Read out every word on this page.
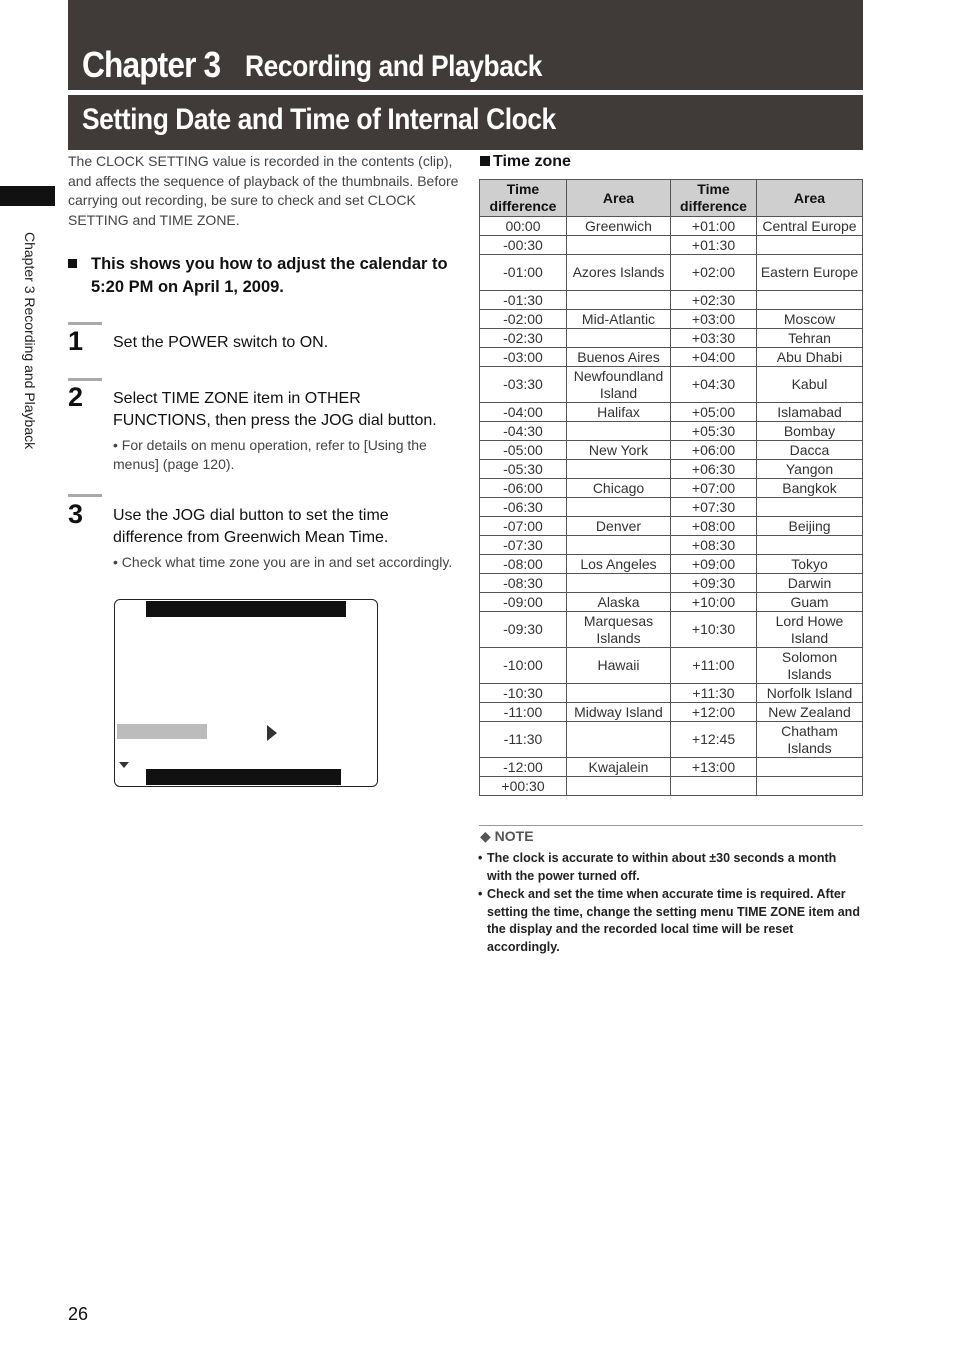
Chapter 3 Recording and Playback
Setting Date and Time of Internal Clock
Chapter 3 Recording and Playback
The CLOCK SETTING value is recorded in the contents (clip), and affects the sequence of playback of the thumbnails. Before carrying out recording, be sure to check and set CLOCK SETTING and TIME ZONE.
This shows you how to adjust the calendar to 5:20 PM on April 1, 2009.
1 Set the POWER switch to ON.
2 Select TIME ZONE item in OTHER FUNCTIONS, then press the JOG dial button.
• For details on menu operation, refer to [Using the menus] (page 120).
3 Use the JOG dial button to set the time difference from Greenwich Mean Time.
• Check what time zone you are in and set accordingly.
Time zone
Time difference	Area	Time difference	Area
00:00	Greenwich	+01:00	Central Europe
-00:30		+01:30	
-01:00	Azores Islands	+02:00	Eastern Europe
-01:30		+02:30	
-02:00	Mid-Atlantic	+03:00	Moscow
-02:30		+03:30	Tehran
-03:00	Buenos Aires	+04:00	Abu Dhabi
-03:30	Newfoundland Island	+04:30	Kabul
-04:00	Halifax	+05:00	Islamabad
-04:30		+05:30	Bombay
-05:00	New York	+06:00	Dacca
-05:30		+06:30	Yangon
-06:00	Chicago	+07:00	Bangkok
-06:30		+07:30	
-07:00	Denver	+08:00	Beijing
-07:30		+08:30	
-08:00	Los Angeles	+09:00	Tokyo
-08:30		+09:30	Darwin
-09:00	Alaska	+10:00	Guam
-09:30	Marquesas Islands	+10:30	Lord Howe Island
-10:00	Hawaii	+11:00	Solomon Islands
-10:30		+11:30	Norfolk Island
-11:00	Midway Island	+12:00	New Zealand
-11:30		+12:45	Chatham Islands
-12:00	Kwajalein	+13:00	
+00:30			
◆ NOTE
• The clock is accurate to within about ±30 seconds a month with the power turned off.
• Check and set the time when accurate time is required. After setting the time, change the setting menu TIME ZONE item and the display and the recorded local time will be reset accordingly.
26
